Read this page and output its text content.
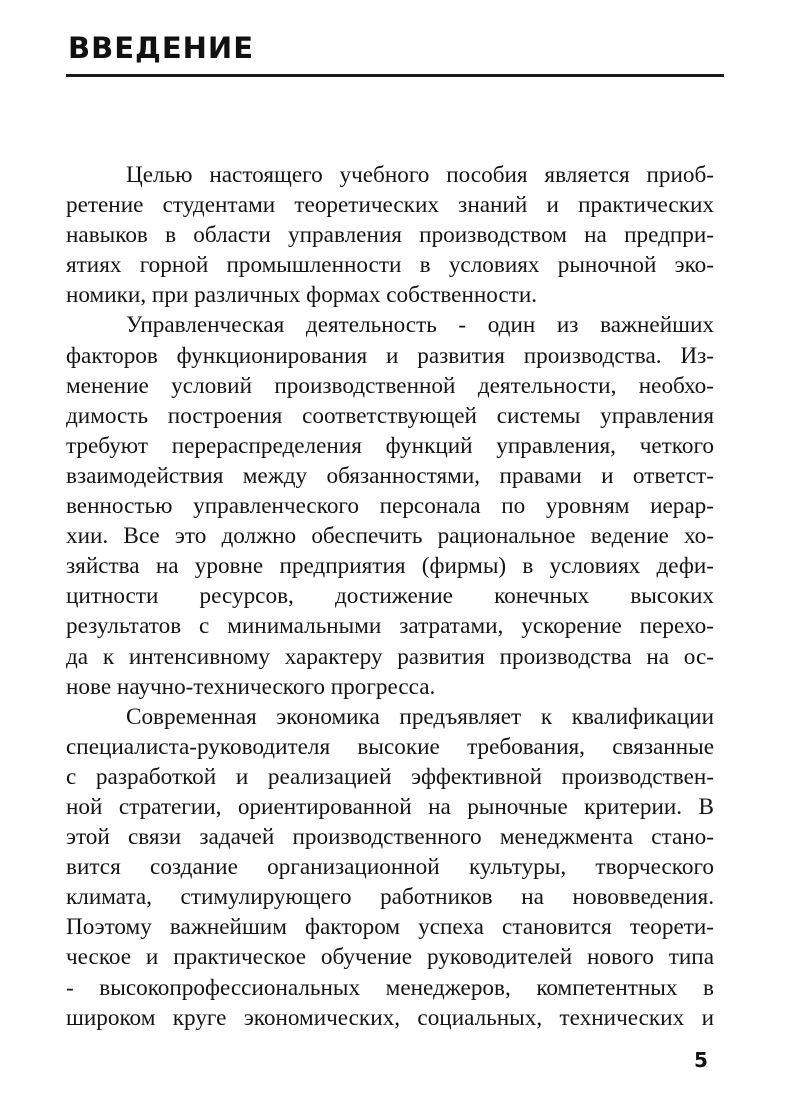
ВВЕДЕНИЕ
Целью настоящего учебного пособия является приоб-
ретение студентами теоретических знаний и практических
навыков в области управления производством на предпри-
ятиях горной промышленности в условиях рыночной эко-
номики, при различных формах собственности.
Управленческая деятельность - один из важнейших
факторов функционирования и развития производства. Из-
менение условий производственной деятельности, необхо-
димость построения соответствующей системы управления
требуют перераспределения функций управления, четкого
взаимодействия между обязанностями, правами и ответст-
венностью управленческого персонала по уровням иерар-
хии. Все это должно обеспечить рациональное ведение хо-
зяйства на уровне предприятия (фирмы) в условиях дефи-
цитности ресурсов, достижение конечных высоких
результатов с минимальными затратами, ускорение перехо-
да к интенсивному характеру развития производства на ос-
нове научно-технического прогресса.
Современная экономика предъявляет к квалификации
специалиста-руководителя высокие требования, связанные
с разработкой и реализацией эффективной производствен-
ной стратегии, ориентированной на рыночные критерии. В
этой связи задачей производственного менеджмента стано-
вится создание организационной культуры, творческого
климата, стимулирующего работников на нововведения.
Поэтому важнейшим фактором успеха становится теорети-
ческое и практическое обучение руководителей нового типа
- высокопрофессиональных менеджеров, компетентных в
широком круге экономических, социальных, технических и
5
